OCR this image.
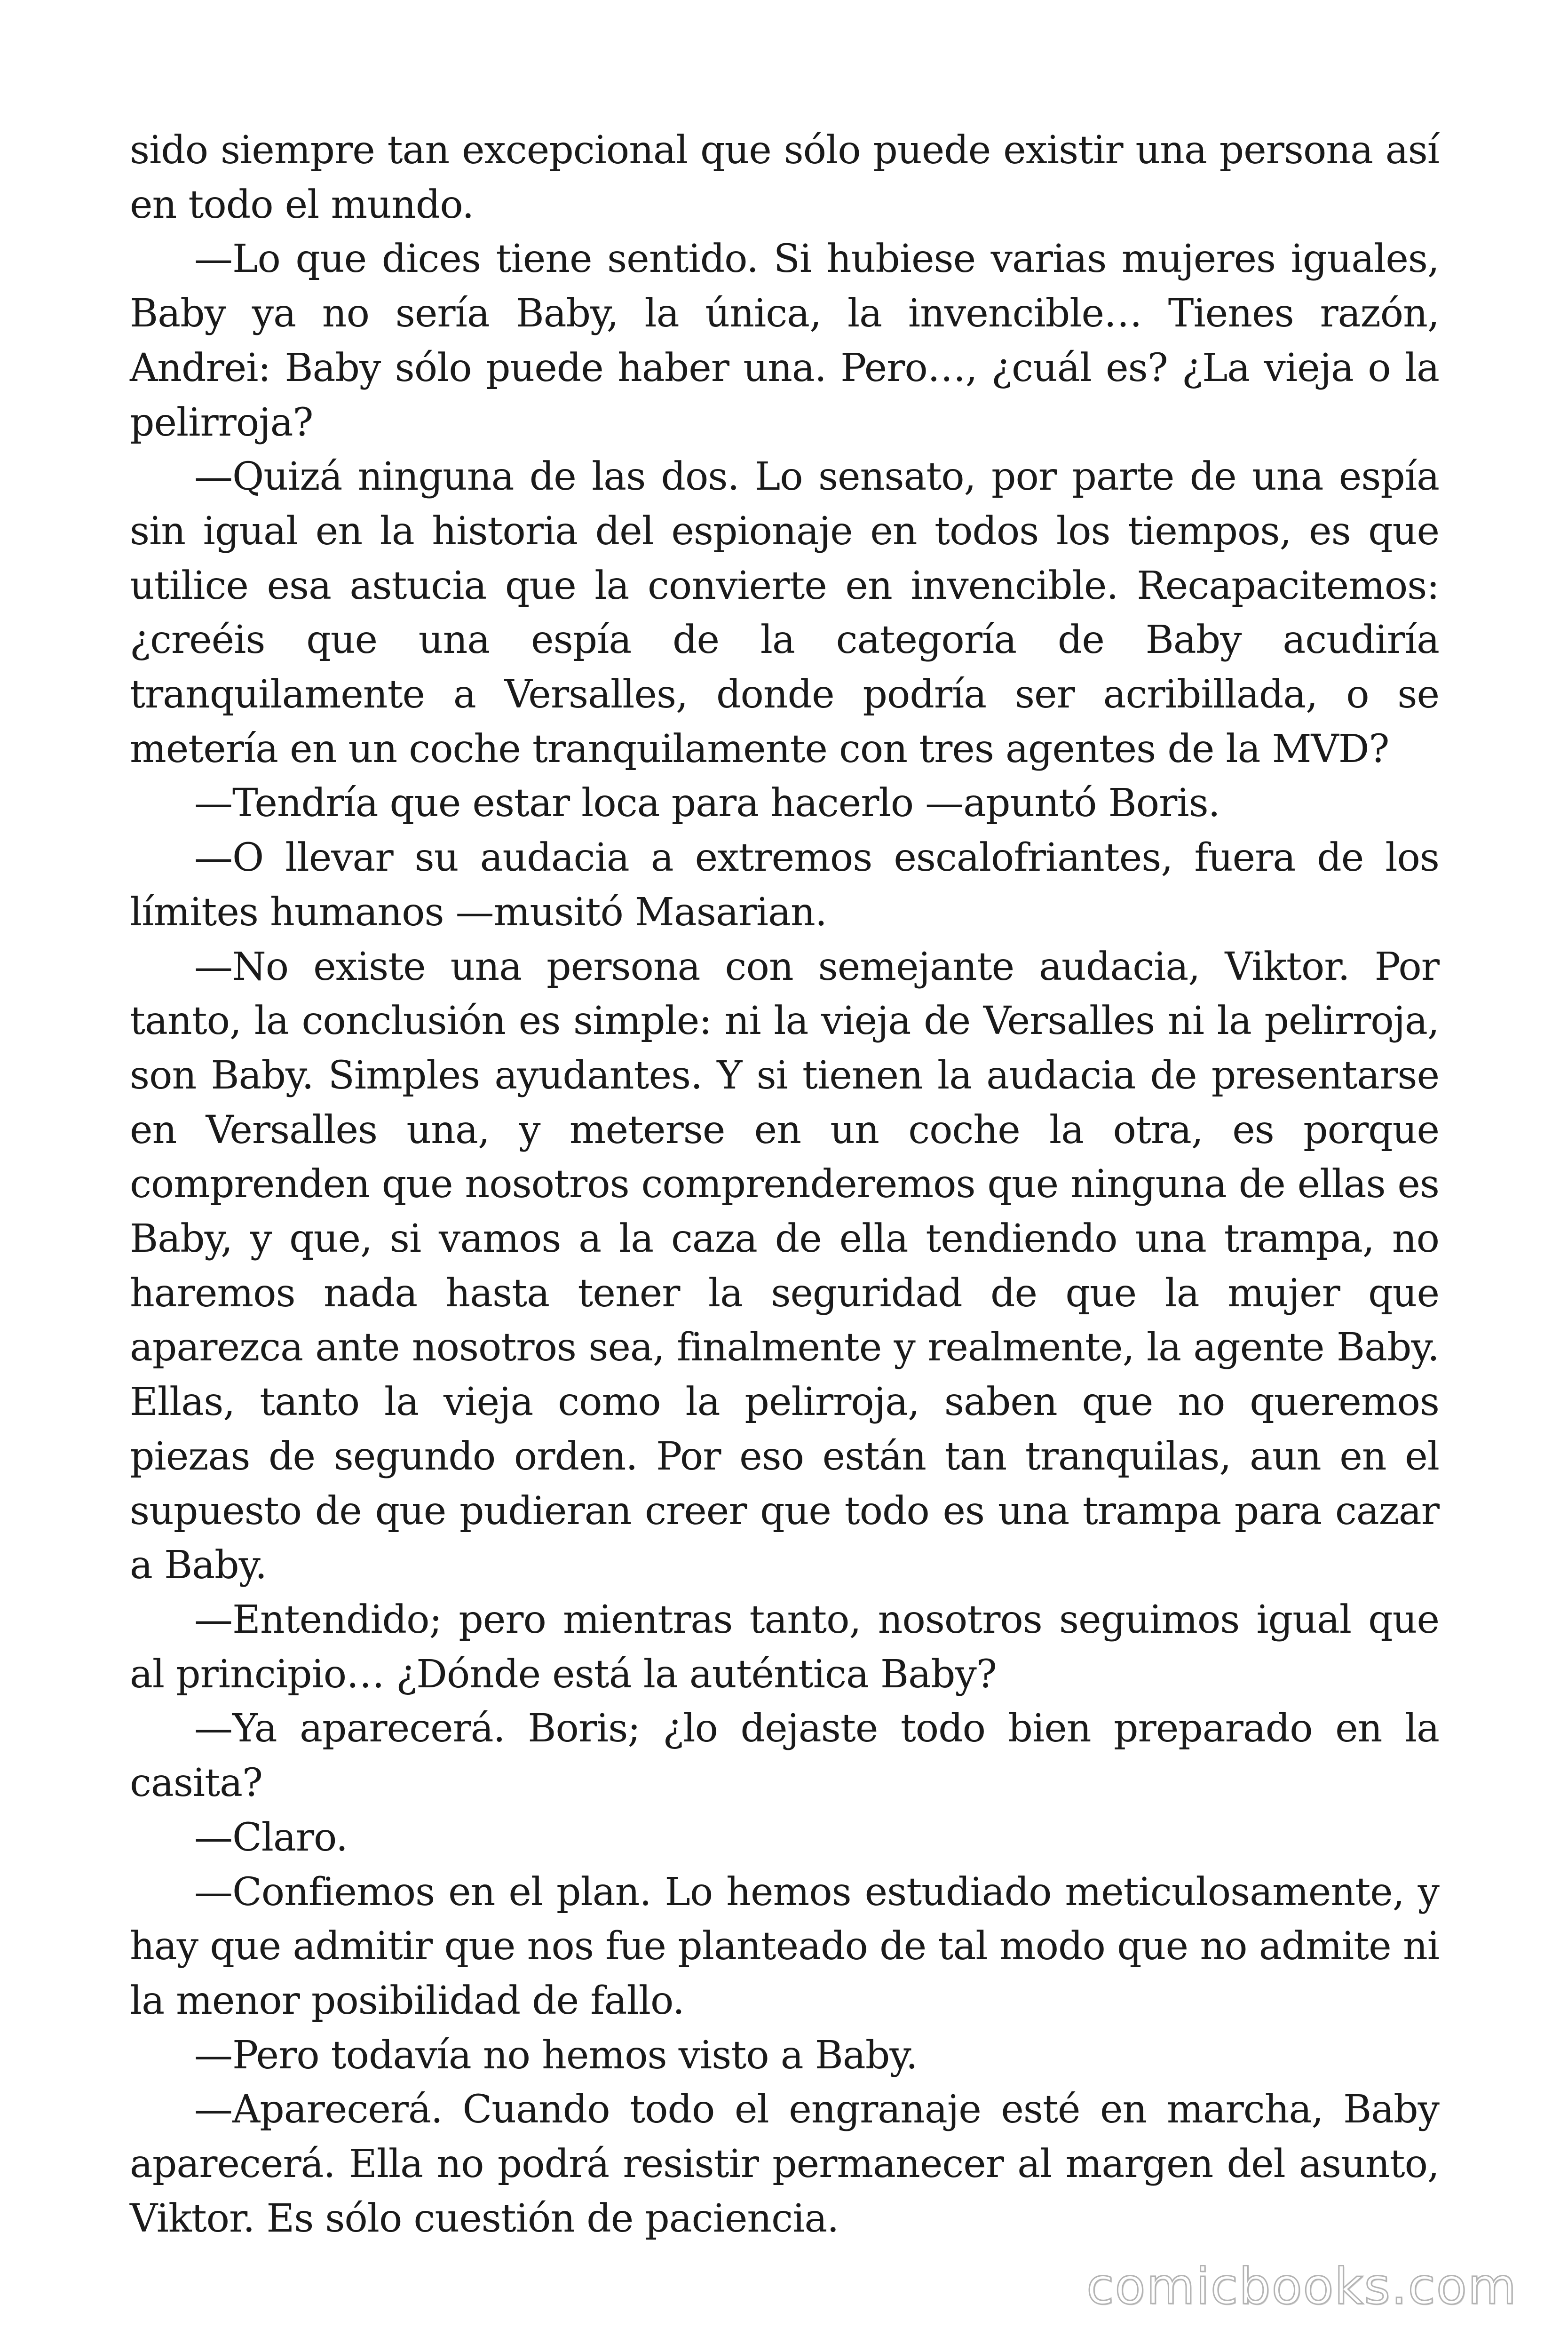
sido siempre tan excepcional que sólo puede existir una persona así en todo el mundo.

—Lo que dices tiene sentido. Si hubiese varias mujeres iguales, Baby ya no sería Baby, la única, la invencible… Tienes razón, Andrei: Baby sólo puede haber una. Pero…, ¿cuál es? ¿La vieja o la pelirroja?

—Quizá ninguna de las dos. Lo sensato, por parte de una espía sin igual en la historia del espionaje en todos los tiempos, es que utilice esa astucia que la convierte en invencible. Recapacitemos: ¿creéis que una espía de la categoría de Baby acudiría tranquilamente a Versalles, donde podría ser acribillada, o se metería en un coche tranquilamente con tres agentes de la MVD?

—Tendría que estar loca para hacerlo —apuntó Boris.

—O llevar su audacia a extremos escalofriantes, fuera de los límites humanos —musitó Masarian.

—No existe una persona con semejante audacia, Viktor. Por tanto, la conclusión es simple: ni la vieja de Versalles ni la pelirroja, son Baby. Simples ayudantes. Y si tienen la audacia de presentarse en Versalles una, y meterse en un coche la otra, es porque comprenden que nosotros comprenderemos que ninguna de ellas es Baby, y que, si vamos a la caza de ella tendiendo una trampa, no haremos nada hasta tener la seguridad de que la mujer que aparezca ante nosotros sea, finalmente y realmente, la agente Baby. Ellas, tanto la vieja como la pelirroja, saben que no queremos piezas de segundo orden. Por eso están tan tranquilas, aun en el supuesto de que pudieran creer que todo es una trampa para cazar a Baby.

—Entendido; pero mientras tanto, nosotros seguimos igual que al principio… ¿Dónde está la auténtica Baby?

—Ya aparecerá. Boris; ¿lo dejaste todo bien preparado en la casita?

—Claro.

—Confiemos en el plan. Lo hemos estudiado meticulosamente, y hay que admitir que nos fue planteado de tal modo que no admite ni la menor posibilidad de fallo.

—Pero todavía no hemos visto a Baby.

—Aparecerá. Cuando todo el engranaje esté en marcha, Baby aparecerá. Ella no podrá resistir permanecer al margen del asunto, Viktor. Es sólo cuestión de paciencia.

comicbooks.com
